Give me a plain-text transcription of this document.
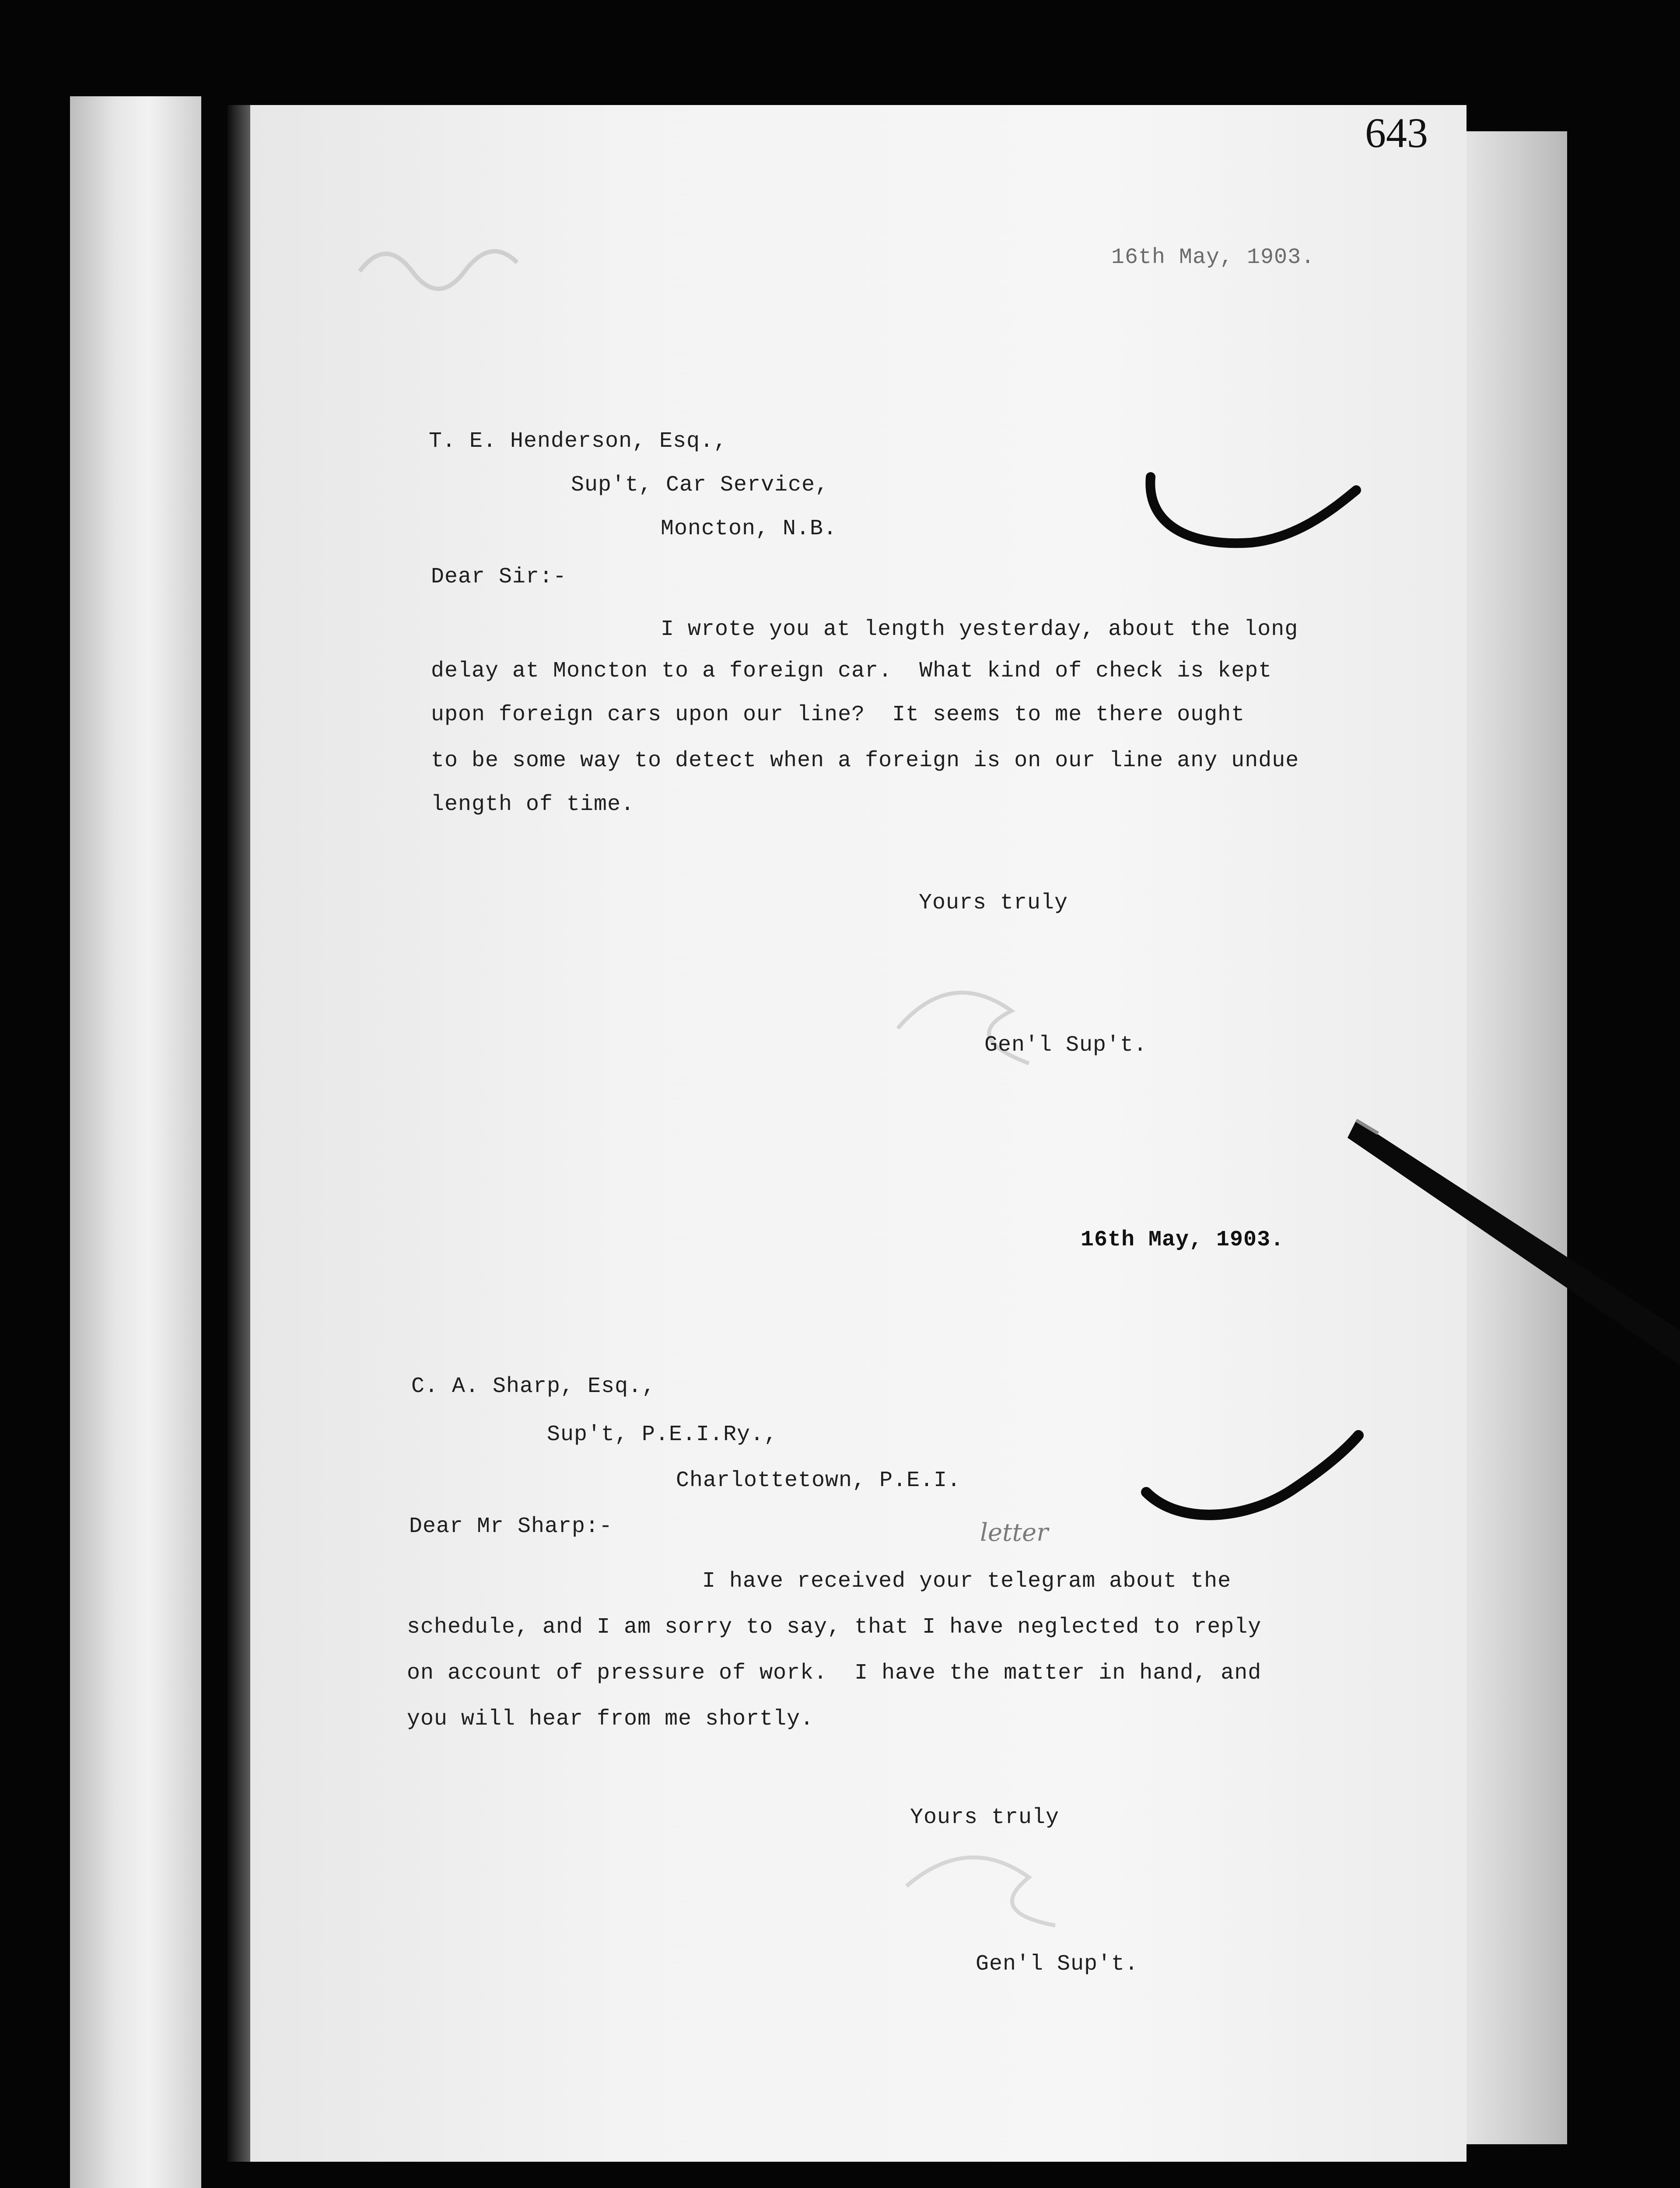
643
16th May, 1903.
T. E. Henderson, Esq.,
Sup't, Car Service,
Moncton, N.B.
Dear Sir:-
I wrote you at length yesterday, about the long
delay at Moncton to a foreign car.  What kind of check is kept
upon foreign cars upon our line?  It seems to me there ought
to be some way to detect when a foreign is on our line any undue
length of time.
Yours truly
Gen'l Sup't.
16th May, 1903.
C. A. Sharp, Esq.,
Sup't, P.E.I.Ry.,
Charlottetown, P.E.I.
Dear Mr Sharp:-	letter
I have received your telegram about the
schedule, and I am sorry to say, that I have neglected to reply
on account of pressure of work.  I have the matter in hand, and
you will hear from me shortly.
Yours truly
Gen'l Sup't.
